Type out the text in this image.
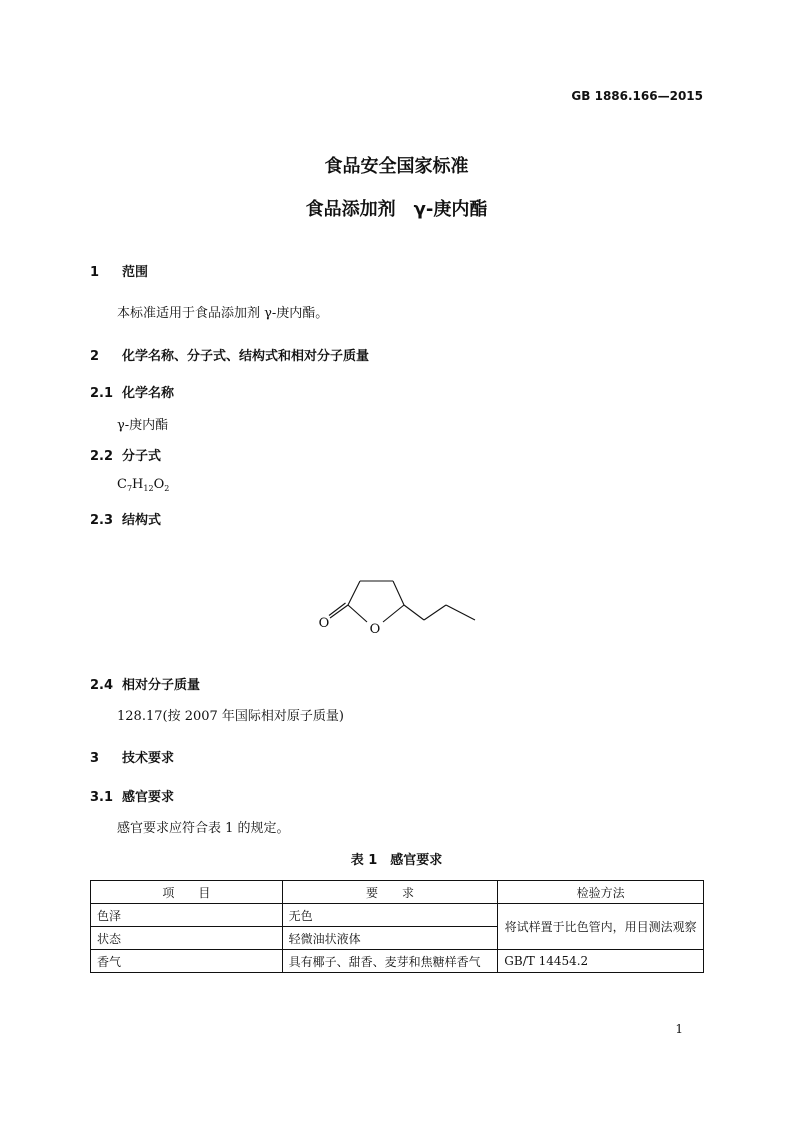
GB 1886.166—2015
食品安全国家标准
食品添加剂　γ-庚内酯
1 范围
本标准适用于食品添加剂 γ-庚内酯。
2 化学名称、分子式、结构式和相对分子质量
2.1 化学名称
γ-庚内酯
2.2 分子式
$C_7H_{12}O_2$
2.3 结构式
O	O
2.4 相对分子质量
128.17(按 2007 年国际相对原子质量)
3 技术要求
3.1 感官要求
感官要求应符合表 1 的规定。
表 1　感官要求
项　　目	要　　求	检验方法
色泽	无色	将试样置于比色管内，用目测法观察
状态	轻微油状液体	
香气	具有椰子、甜香、麦芽和焦糖样香气	GB/T 14454.2
1
